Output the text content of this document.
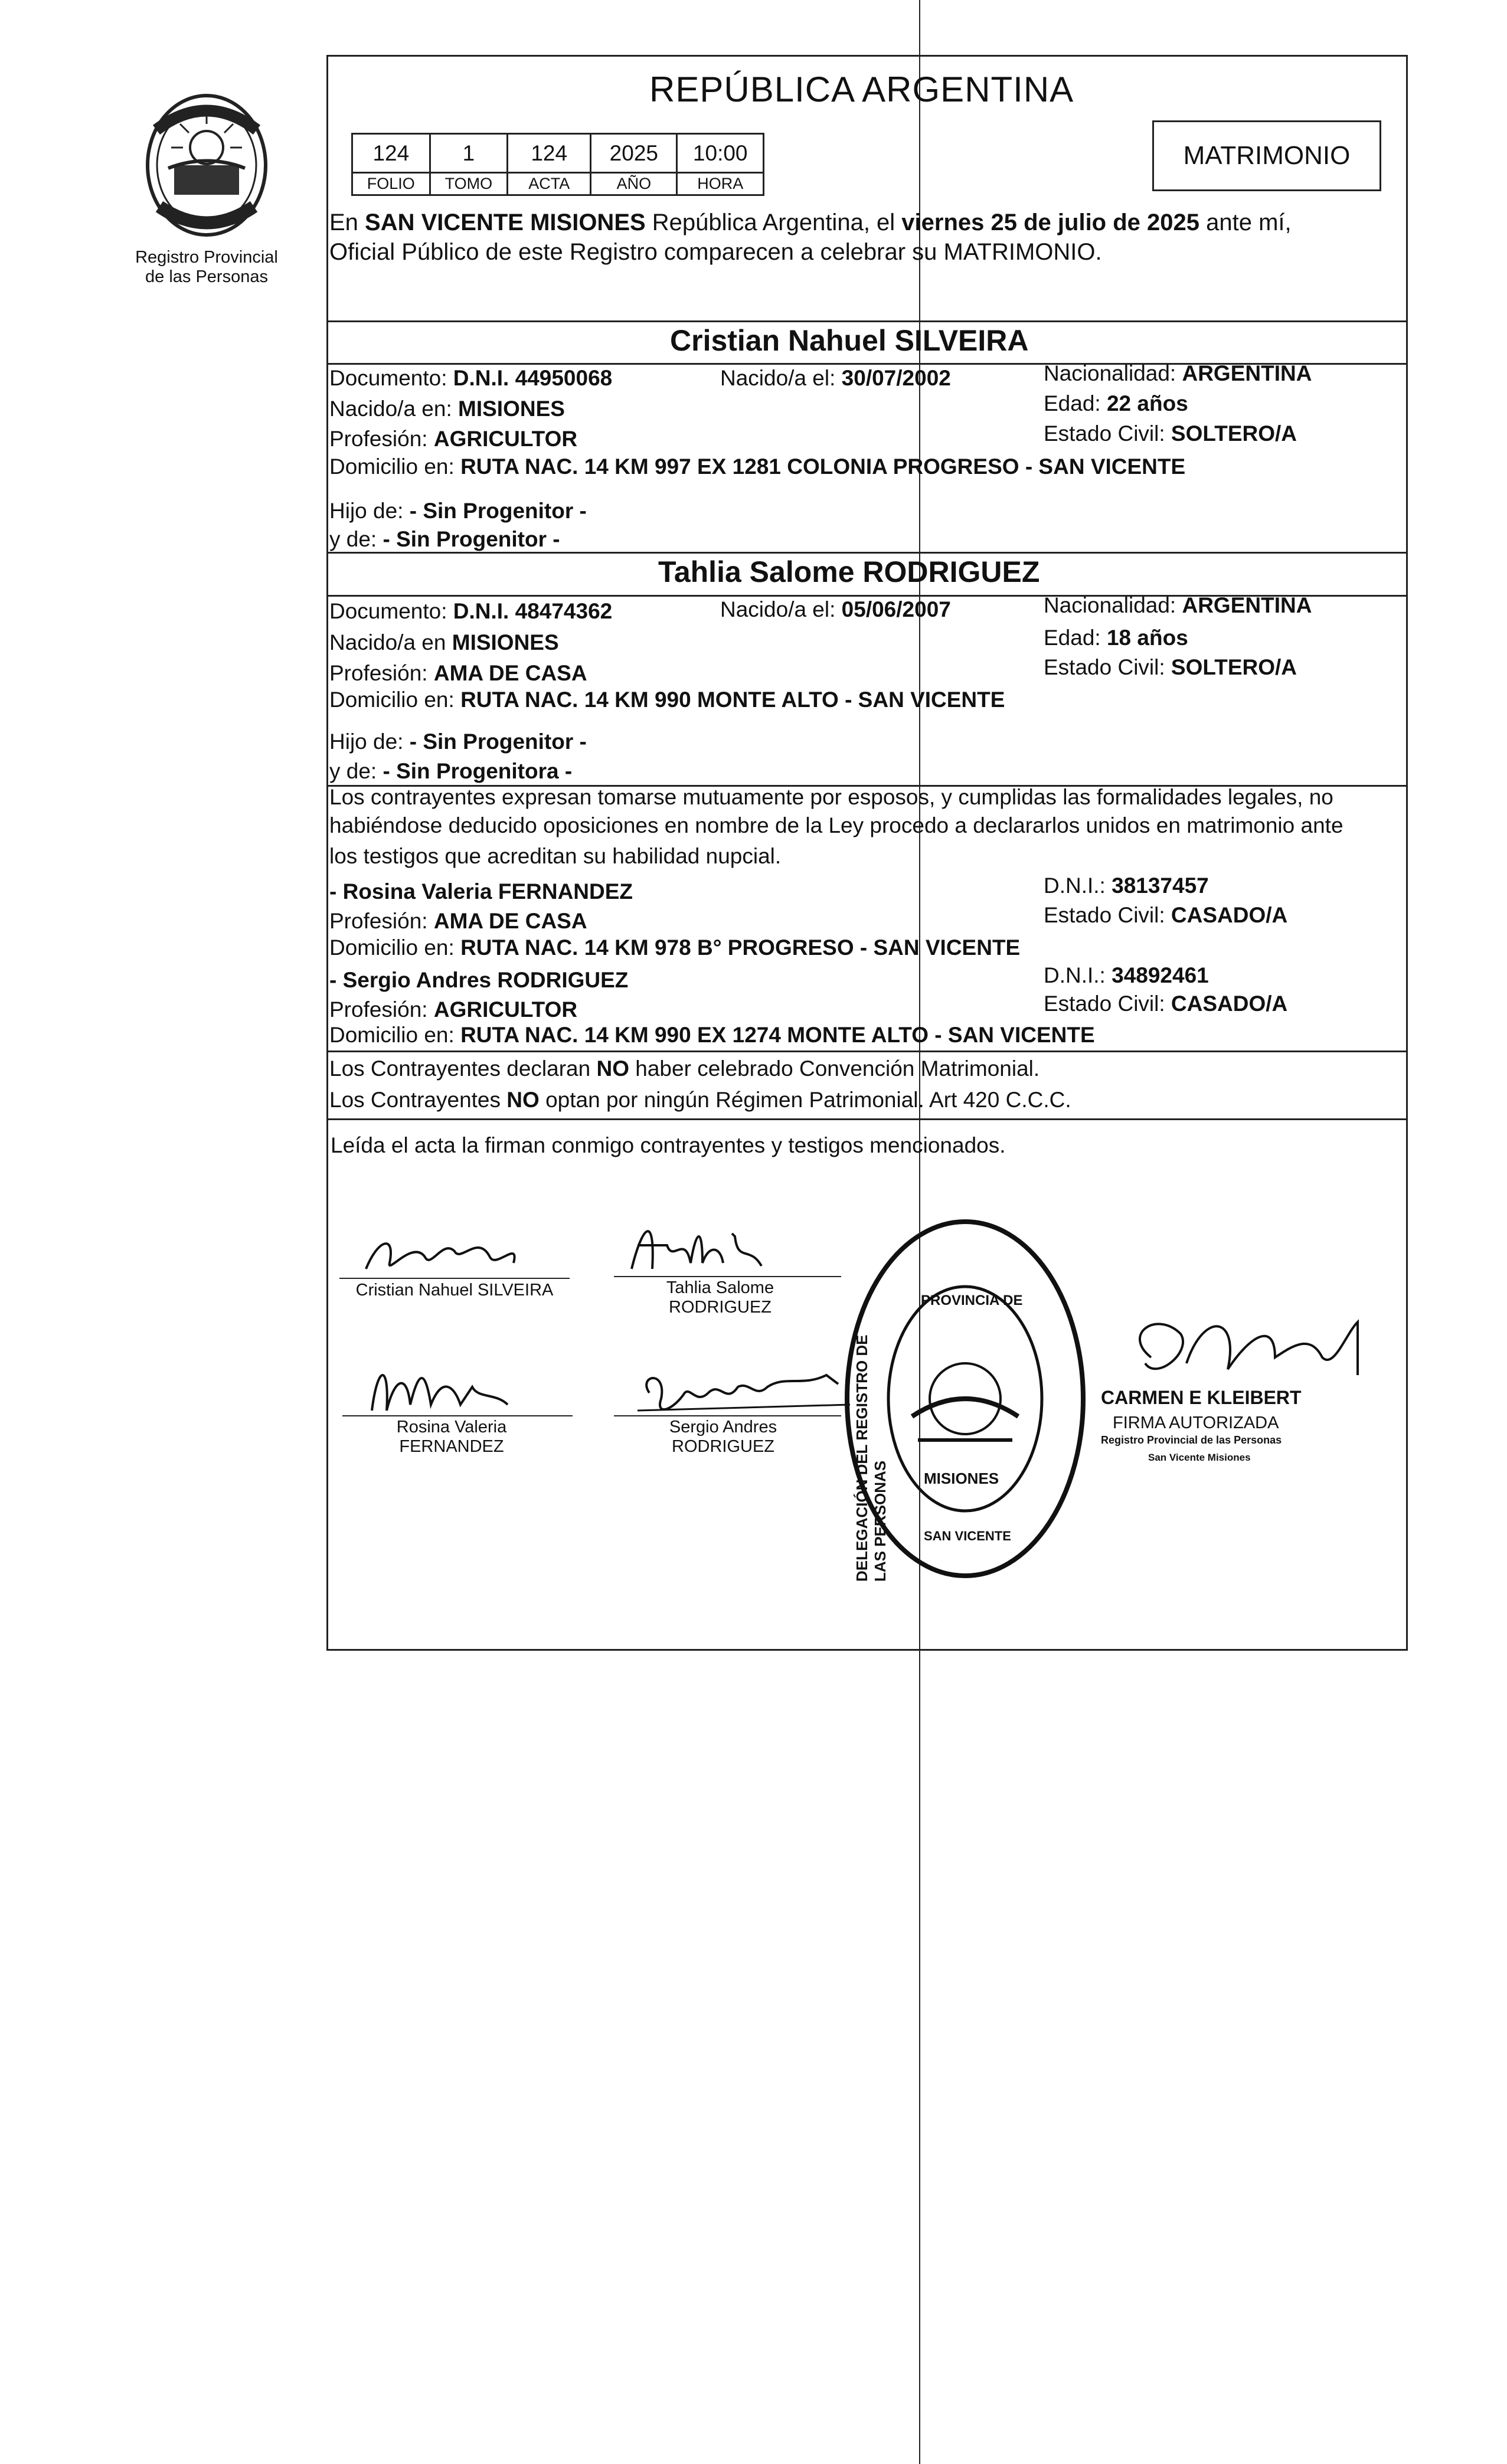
Registro Provincial
de las Personas
REPÚBLICA ARGENTINA
124	1	124	2025	10:00
FOLIO	TOMO	ACTA	AÑO	HORA
MATRIMONIO
En SAN VICENTE MISIONES República Argentina, el viernes 25 de julio de 2025 ante mí,
Oficial Público de este Registro comparecen a celebrar su MATRIMONIO.
Cristian Nahuel SILVEIRA
Documento: D.N.I. 44950068	Nacido/a el: 30/07/2002	Nacionalidad: ARGENTINA
Nacido/a en: MISIONES	Edad: 22 años
Profesión: AGRICULTOR	Estado Civil: SOLTERO/A
Domicilio en: RUTA NAC. 14 KM 997 EX 1281 COLONIA PROGRESO - SAN VICENTE
Hijo de: - Sin Progenitor -
y de: - Sin Progenitor -
Tahlia Salome RODRIGUEZ
Documento: D.N.I. 48474362	Nacido/a el: 05/06/2007	Nacionalidad: ARGENTINA
Nacido/a en MISIONES	Edad: 18 años
Profesión: AMA DE CASA	Estado Civil: SOLTERO/A
Domicilio en: RUTA NAC. 14 KM 990 MONTE ALTO - SAN VICENTE
Hijo de: - Sin Progenitor -
y de: - Sin Progenitora -
Los contrayentes expresan tomarse mutuamente por esposos, y cumplidas las formalidades legales, no
habiéndose deducido oposiciones en nombre de la Ley procedo a declararlos unidos en matrimonio ante
los testigos que acreditan su habilidad nupcial.
- Rosina Valeria FERNANDEZ	D.N.I.: 38137457
Profesión: AMA DE CASA	Estado Civil: CASADO/A
Domicilio en: RUTA NAC. 14 KM 978 B° PROGRESO - SAN VICENTE
- Sergio Andres RODRIGUEZ	D.N.I.: 34892461
Profesión: AGRICULTOR	Estado Civil: CASADO/A
Domicilio en: RUTA NAC. 14 KM 990 EX 1274 MONTE ALTO - SAN VICENTE
Los Contrayentes declaran NO haber celebrado Convención Matrimonial.
Los Contrayentes NO optan por ningún Régimen Patrimonial. Art 420 C.C.C.
Leída el acta la firman conmigo contrayentes y testigos mencionados.
Cristian Nahuel SILVEIRA	Tahlia Salome
RODRIGUEZ
Rosina Valeria
FERNANDEZ
Sergio Andres
RODRIGUEZ
PROVINCIA DE
MISIONES
DELEGACIÓN DEL REGISTRO DE LAS PERSONAS	SAN VICENTE
CARMEN E KLEIBERT
FIRMA AUTORIZADA
Registro Provincial de las Personas
San Vicente Misiones
